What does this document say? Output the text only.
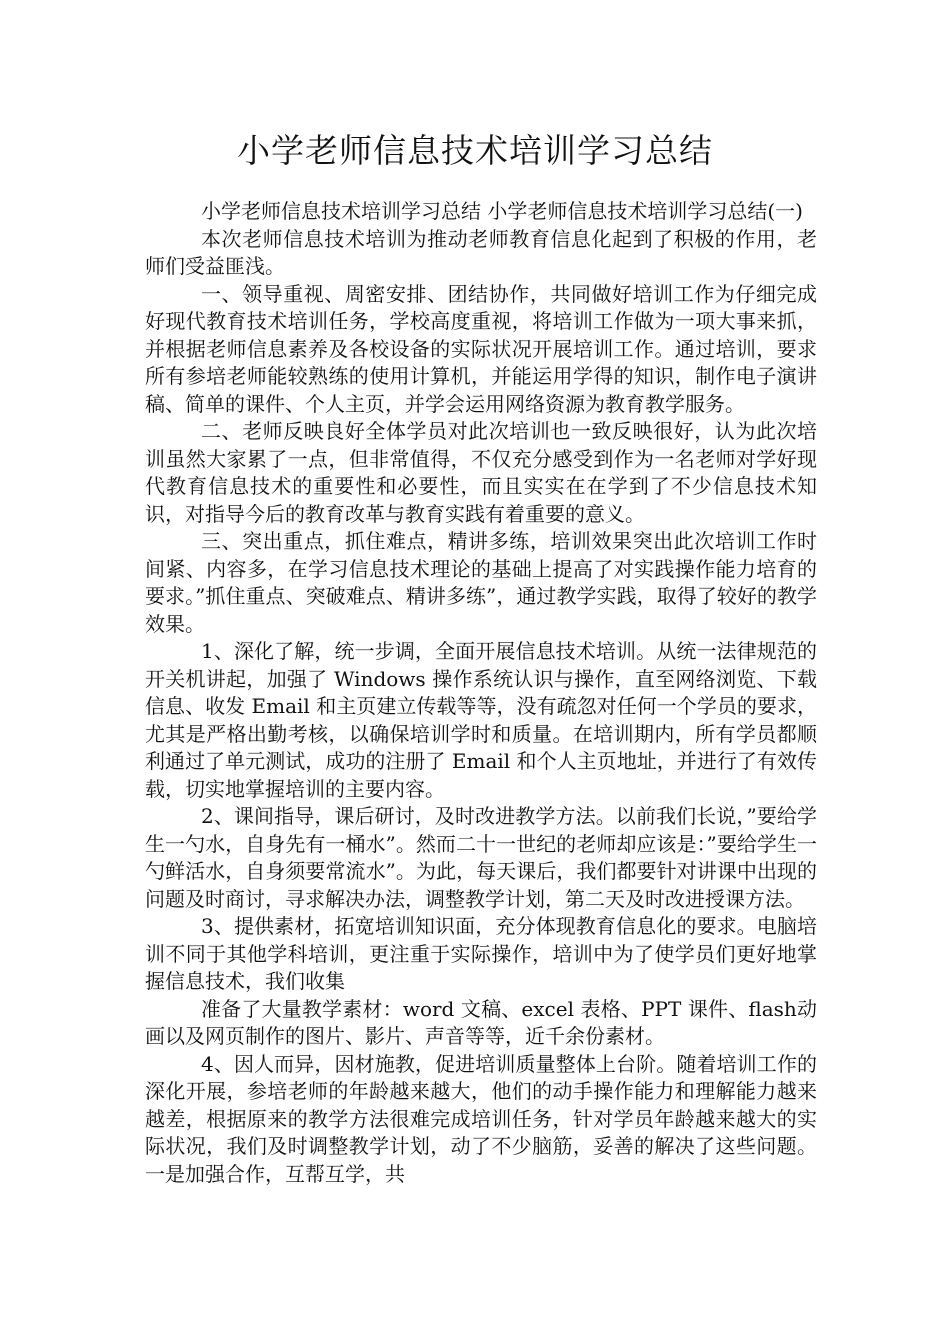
小学老师信息技术培训学习总结

小学老师信息技术培训学习总结 小学老师信息技术培训学习总结(一)

本次老师信息技术培训为推动老师教育信息化起到了积极的作用，老师们受益匪浅。

一、领导重视、周密安排、团结协作，共同做好培训工作为仔细完成好现代教育技术培训任务，学校高度重视，将培训工作做为一项大事来抓，并根据老师信息素养及各校设备的实际状况开展培训工作。通过培训，要求所有参培老师能较熟练的使用计算机，并能运用学得的知识，制作电子演讲稿、简单的课件、个人主页，并学会运用网络资源为教育教学服务。

二、老师反映良好全体学员对此次培训也一致反映很好，认为此次培训虽然大家累了一点，但非常值得，不仅充分感受到作为一名老师对学好现代教育信息技术的重要性和必要性，而且实实在在学到了不少信息技术知识，对指导今后的教育改革与教育实践有着重要的意义。

三、突出重点，抓住难点，精讲多练，培训效果突出此次培训工作时间紧、内容多，在学习信息技术理论的基础上提高了对实践操作能力培育的要求。”抓住重点、突破难点、精讲多练”，通过教学实践，取得了较好的教学效果。

1、深化了解，统一步调，全面开展信息技术培训。从统一法律规范的开关机讲起，加强了 Windows 操作系统认识与操作，直至网络浏览、下载信息、收发 Email 和主页建立传载等等，没有疏忽对任何一个学员的要求，尤其是严格出勤考核，以确保培训学时和质量。在培训期内，所有学员都顺利通过了单元测试，成功的注册了 Email 和个人主页地址，并进行了有效传载，切实地掌握培训的主要内容。

2、课间指导，课后研讨，及时改进教学方法。以前我们长说，”要给学生一勺水，自身先有一桶水”。然而二十一世纪的老师却应该是：”要给学生一勺鲜活水，自身须要常流水”。为此，每天课后，我们都要针对讲课中出现的问题及时商讨，寻求解决办法，调整教学计划，第二天及时改进授课方法。

3、提供素材，拓宽培训知识面，充分体现教育信息化的要求。电脑培训不同于其他学科培训，更注重于实际操作，培训中为了使学员们更好地掌握信息技术，我们收集

准备了大量教学素材：word 文稿、excel 表格、PPT 课件、flash动画以及网页制作的图片、影片、声音等等，近千余份素材。

4、因人而异，因材施教，促进培训质量整体上台阶。随着培训工作的深化开展，参培老师的年龄越来越大，他们的动手操作能力和理解能力越来越差，根据原来的教学方法很难完成培训任务，针对学员年龄越来越大的实际状况，我们及时调整教学计划，动了不少脑筋，妥善的解决了这些问题。一是加强合作，互帮互学，共
